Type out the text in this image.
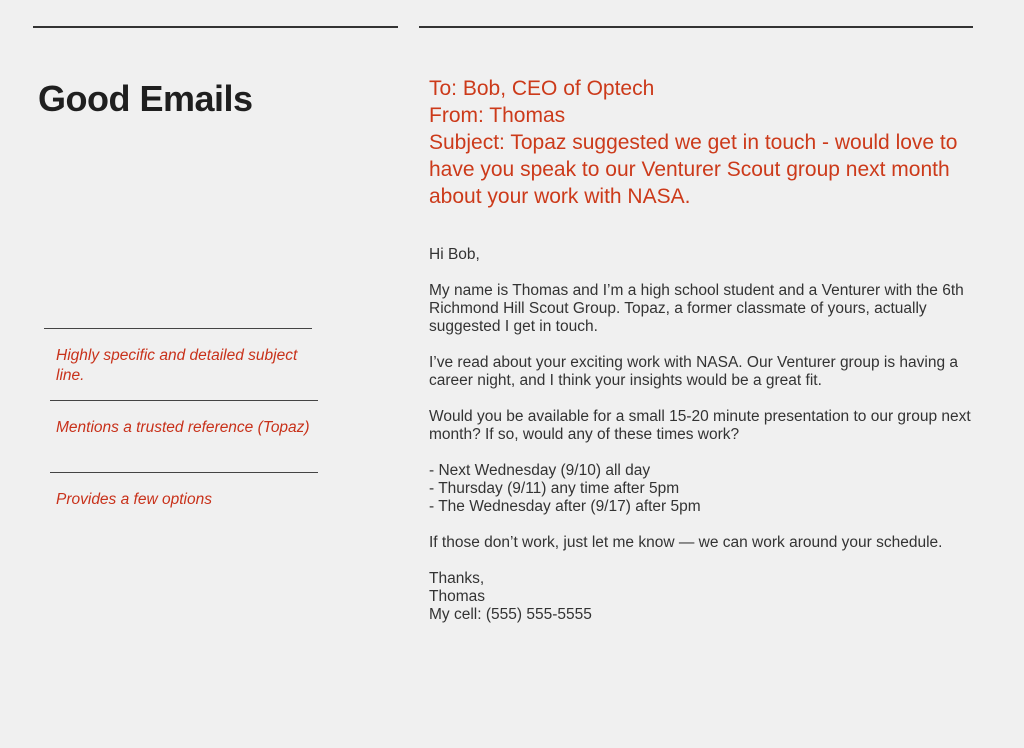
Good Emails
Highly specific and detailed subject line.
Mentions a trusted reference (Topaz)
Provides a few options
To: Bob, CEO of Optech
From: Thomas
Subject: Topaz suggested we get in touch - would love to have you speak to our Venturer Scout group next month about your work with NASA.
Hi Bob,
My name is Thomas and I’m a high school student and a Venturer with the 6th Richmond Hill Scout Group. Topaz, a former classmate of yours, actually suggested I get in touch.
I’ve read about your exciting work with NASA. Our Venturer group is having a career night, and I think your insights would be a great fit.
Would you be available for a small 15-20 minute presentation to our group next month? If so, would any of these times work?
- Next Wednesday (9/10) all day
- Thursday (9/11) any time after 5pm
- The Wednesday after (9/17) after 5pm
If those don’t work, just let me know — we can work around your schedule.
Thanks,
Thomas
My cell: (555) 555-5555
